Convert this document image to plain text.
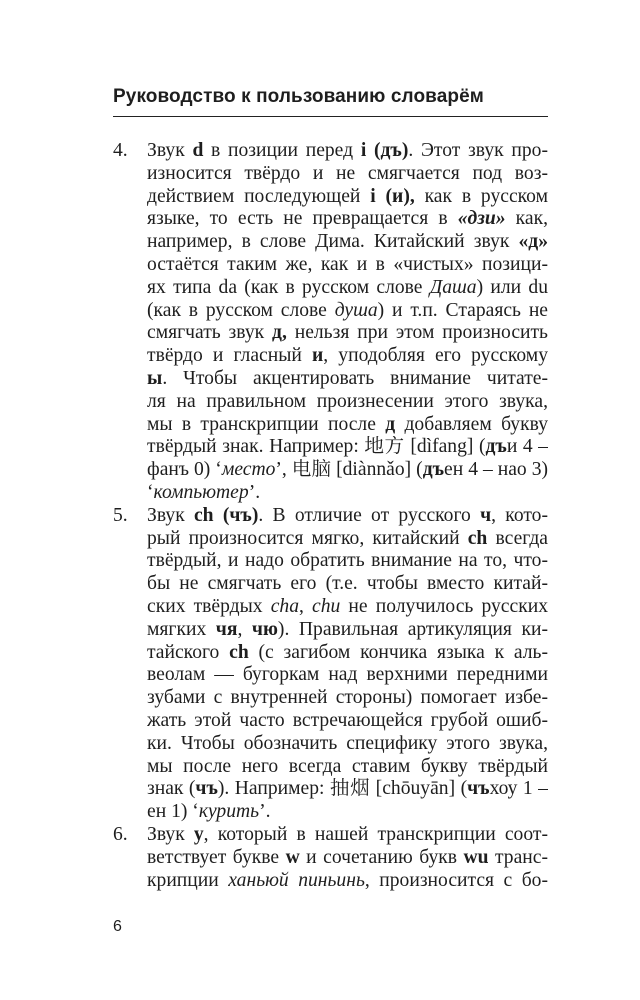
Руководство к пользованию словарём
4. Звук d в позиции перед i (дъ). Этот звук про-
износится твёрдо и не смягчается под воз-
действием последующей i (и), как в русском
языке, то есть не превращается в «дзи» как,
например, в слове Дима. Китайский звук «д»
остаётся таким же, как и в «чистых» позици-
ях типа da (как в русском слове Даша) или du
(как в русском слове душа) и т.п. Стараясь не
смягчать звук д, нельзя при этом произносить
твёрдо и гласный и, уподобляя его русскому
ы. Чтобы акцентировать внимание читате-
ля на правильном произнесении этого звука,
мы в транскрипции после д добавляем букву
твёрдый знак. Например: 地方 [dìfang] (дъи 4 –
фанъ 0) ‘место’, 电脑 [diànnǎo] (дъен 4 – нао 3)
‘компьютер’.
5. Звук ch (чъ). В отличие от русского ч, кото-
рый произносится мягко, китайский ch всегда
твёрдый, и надо обратить внимание на то, что-
бы не смягчать его (т.е. чтобы вместо китай-
ских твёрдых cha, chu не получилось русских
мягких чя, чю). Правильная артикуляция ки-
тайского ch (с загибом кончика языка к аль-
веолам — бугоркам над верхними передними
зубами с внутренней стороны) помогает избе-
жать этой часто встречающейся грубой ошиб-
ки. Чтобы обозначить специфику этого звука,
мы после него всегда ставим букву твёрдый
знак (чъ). Например: 抽烟 [chōuyān] (чъхоу 1 –
ен 1) ‘курить’.
6. Звук y, который в нашей транскрипции соот-
ветствует букве w и сочетанию букв wu транс-
крипции ханьюй пиньинь, произносится с бо-
6
